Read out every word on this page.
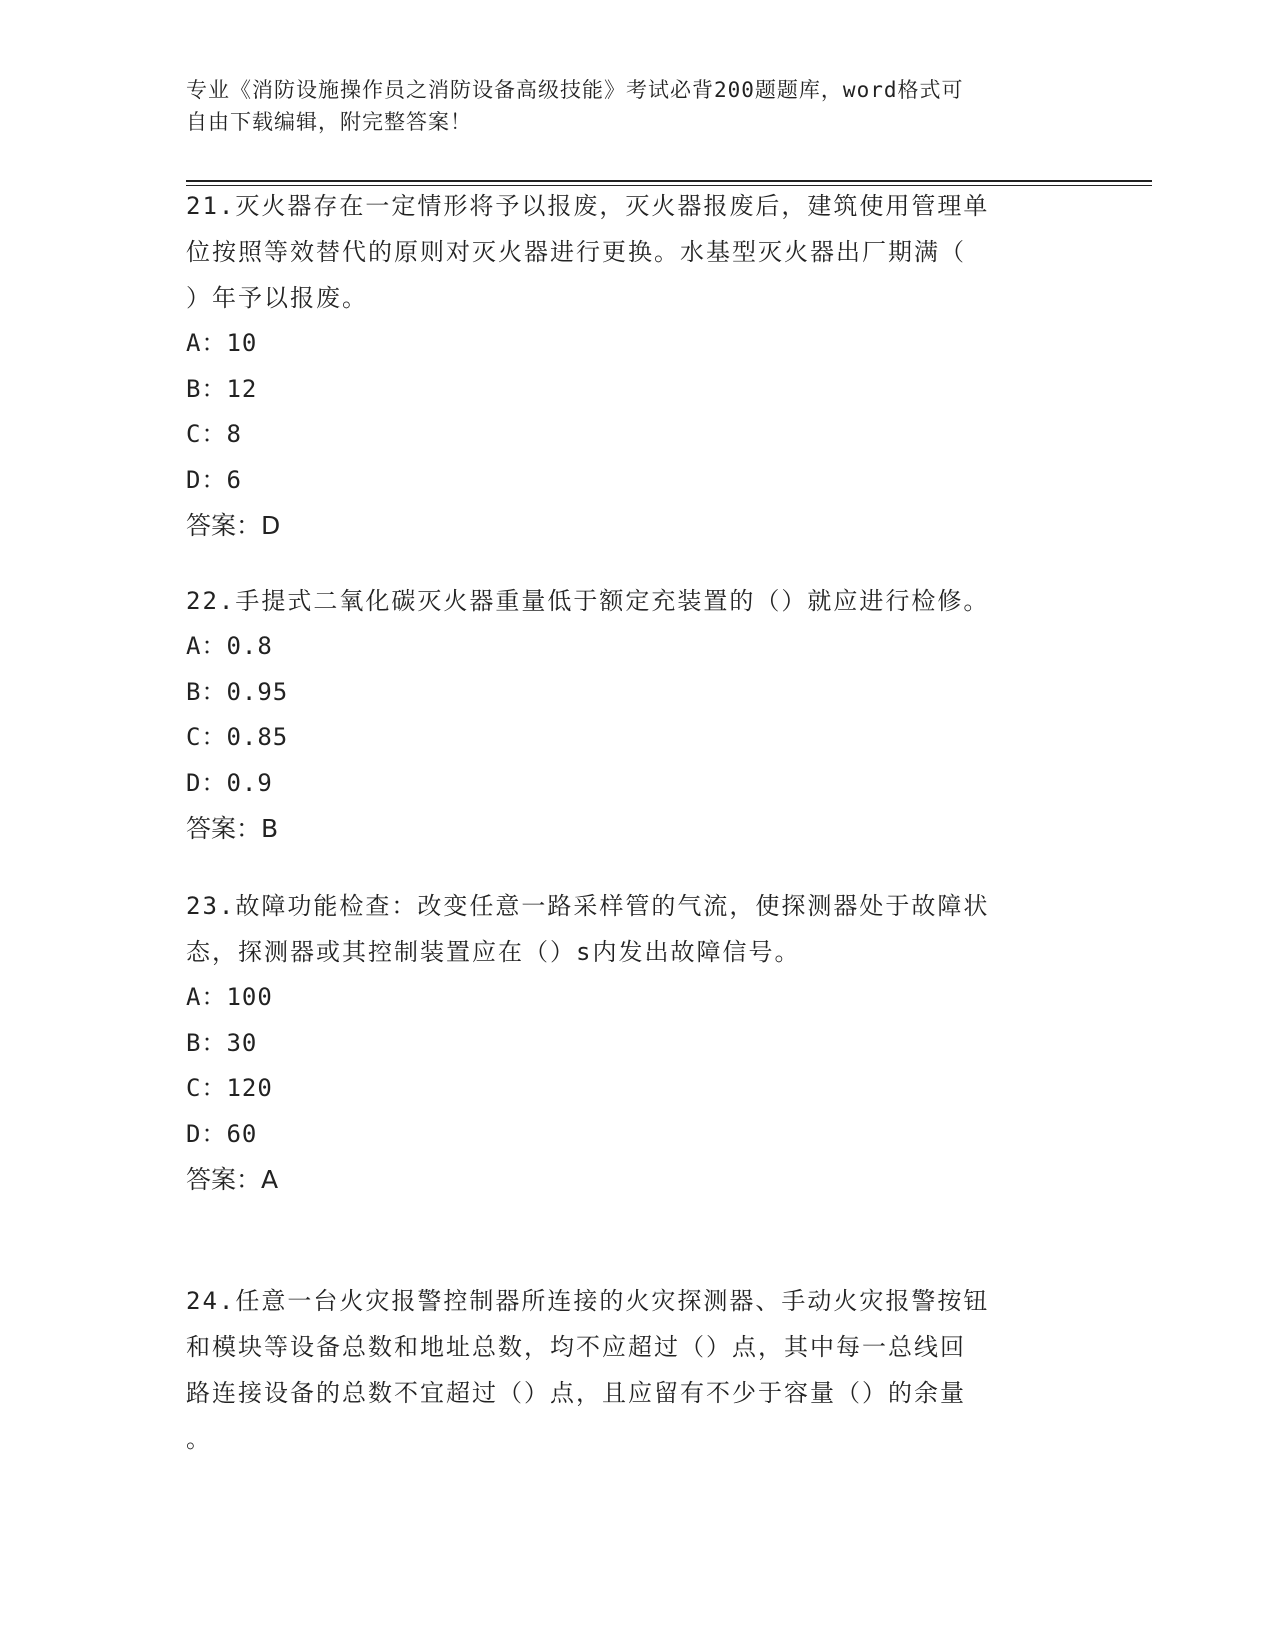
专业《消防设施操作员之消防设备高级技能》考试必背200题题库，word格式可
自由下载编辑，附完整答案！
21.灭火器存在一定情形将予以报废，灭火器报废后，建筑使用管理单
位按照等效替代的原则对灭火器进行更换。水基型灭火器出厂期满（
）年予以报废。
A：10
B：12
C：8
D：6
答案：D
22.手提式二氧化碳灭火器重量低于额定充装置的（）就应进行检修。
A：0.8
B：0.95
C：0.85
D：0.9
答案：B
23.故障功能检查：改变任意一路采样管的气流，使探测器处于故障状
态，探测器或其控制装置应在（）s内发出故障信号。
A：100
B：30
C：120
D：60
答案：A
24.任意一台火灾报警控制器所连接的火灾探测器、手动火灾报警按钮
和模块等设备总数和地址总数，均不应超过（）点，其中每一总线回
路连接设备的总数不宜超过（）点，且应留有不少于容量（）的余量
。
